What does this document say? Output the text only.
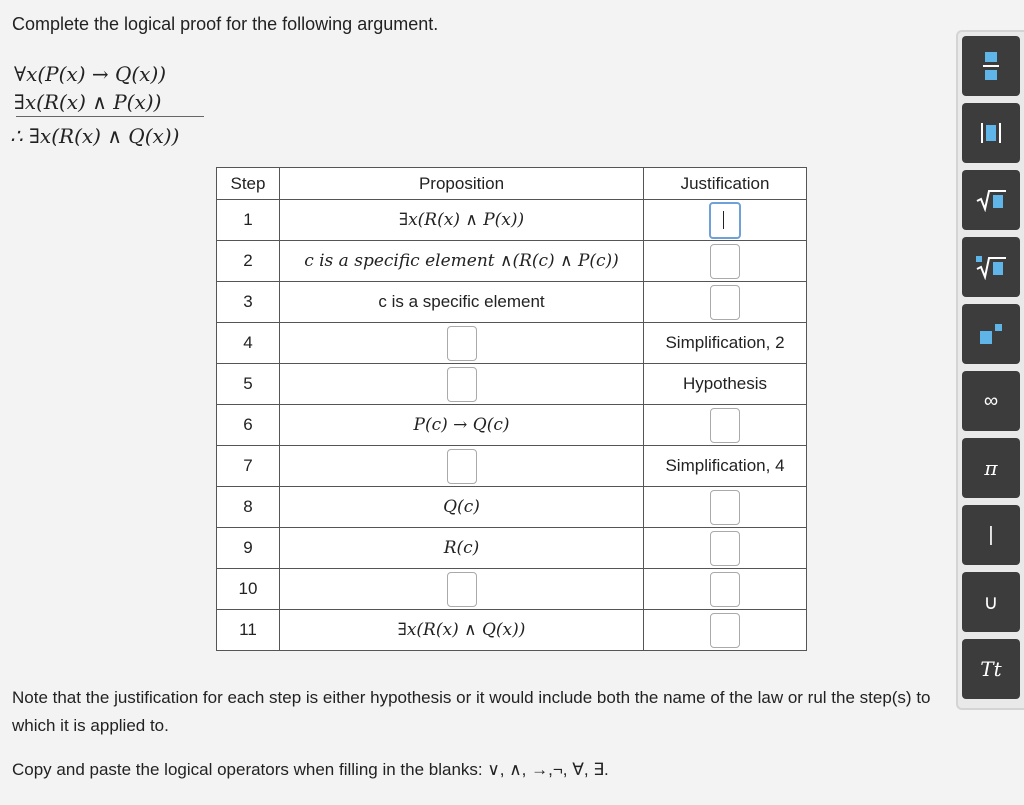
Complete the logical proof for the following argument.
∀x(P(x) → Q(x))
∃x(R(x) ∧ P(x))
∴ ∃x(R(x) ∧ Q(x))
Step	Proposition	Justification
1	∃x(R(x) ∧ P(x))	
2	c is a specific element ∧(R(c) ∧ P(c))	
3	c is a specific element	
4		Simplification, 2
5		Hypothesis
6	P(c) → Q(c)	
7		Simplification, 4
8	Q(c)	
9	R(c)	
10		
11	∃x(R(x) ∧ Q(x))	
Note that the justification for each step is either hypothesis or it would include both the name of the law or rul the step(s) to which it is applied to.
Copy and paste the logical operators when filling in the blanks: ∨, ∧, →,¬, ∀, ∃.
∞
π
|
∪
Tt
